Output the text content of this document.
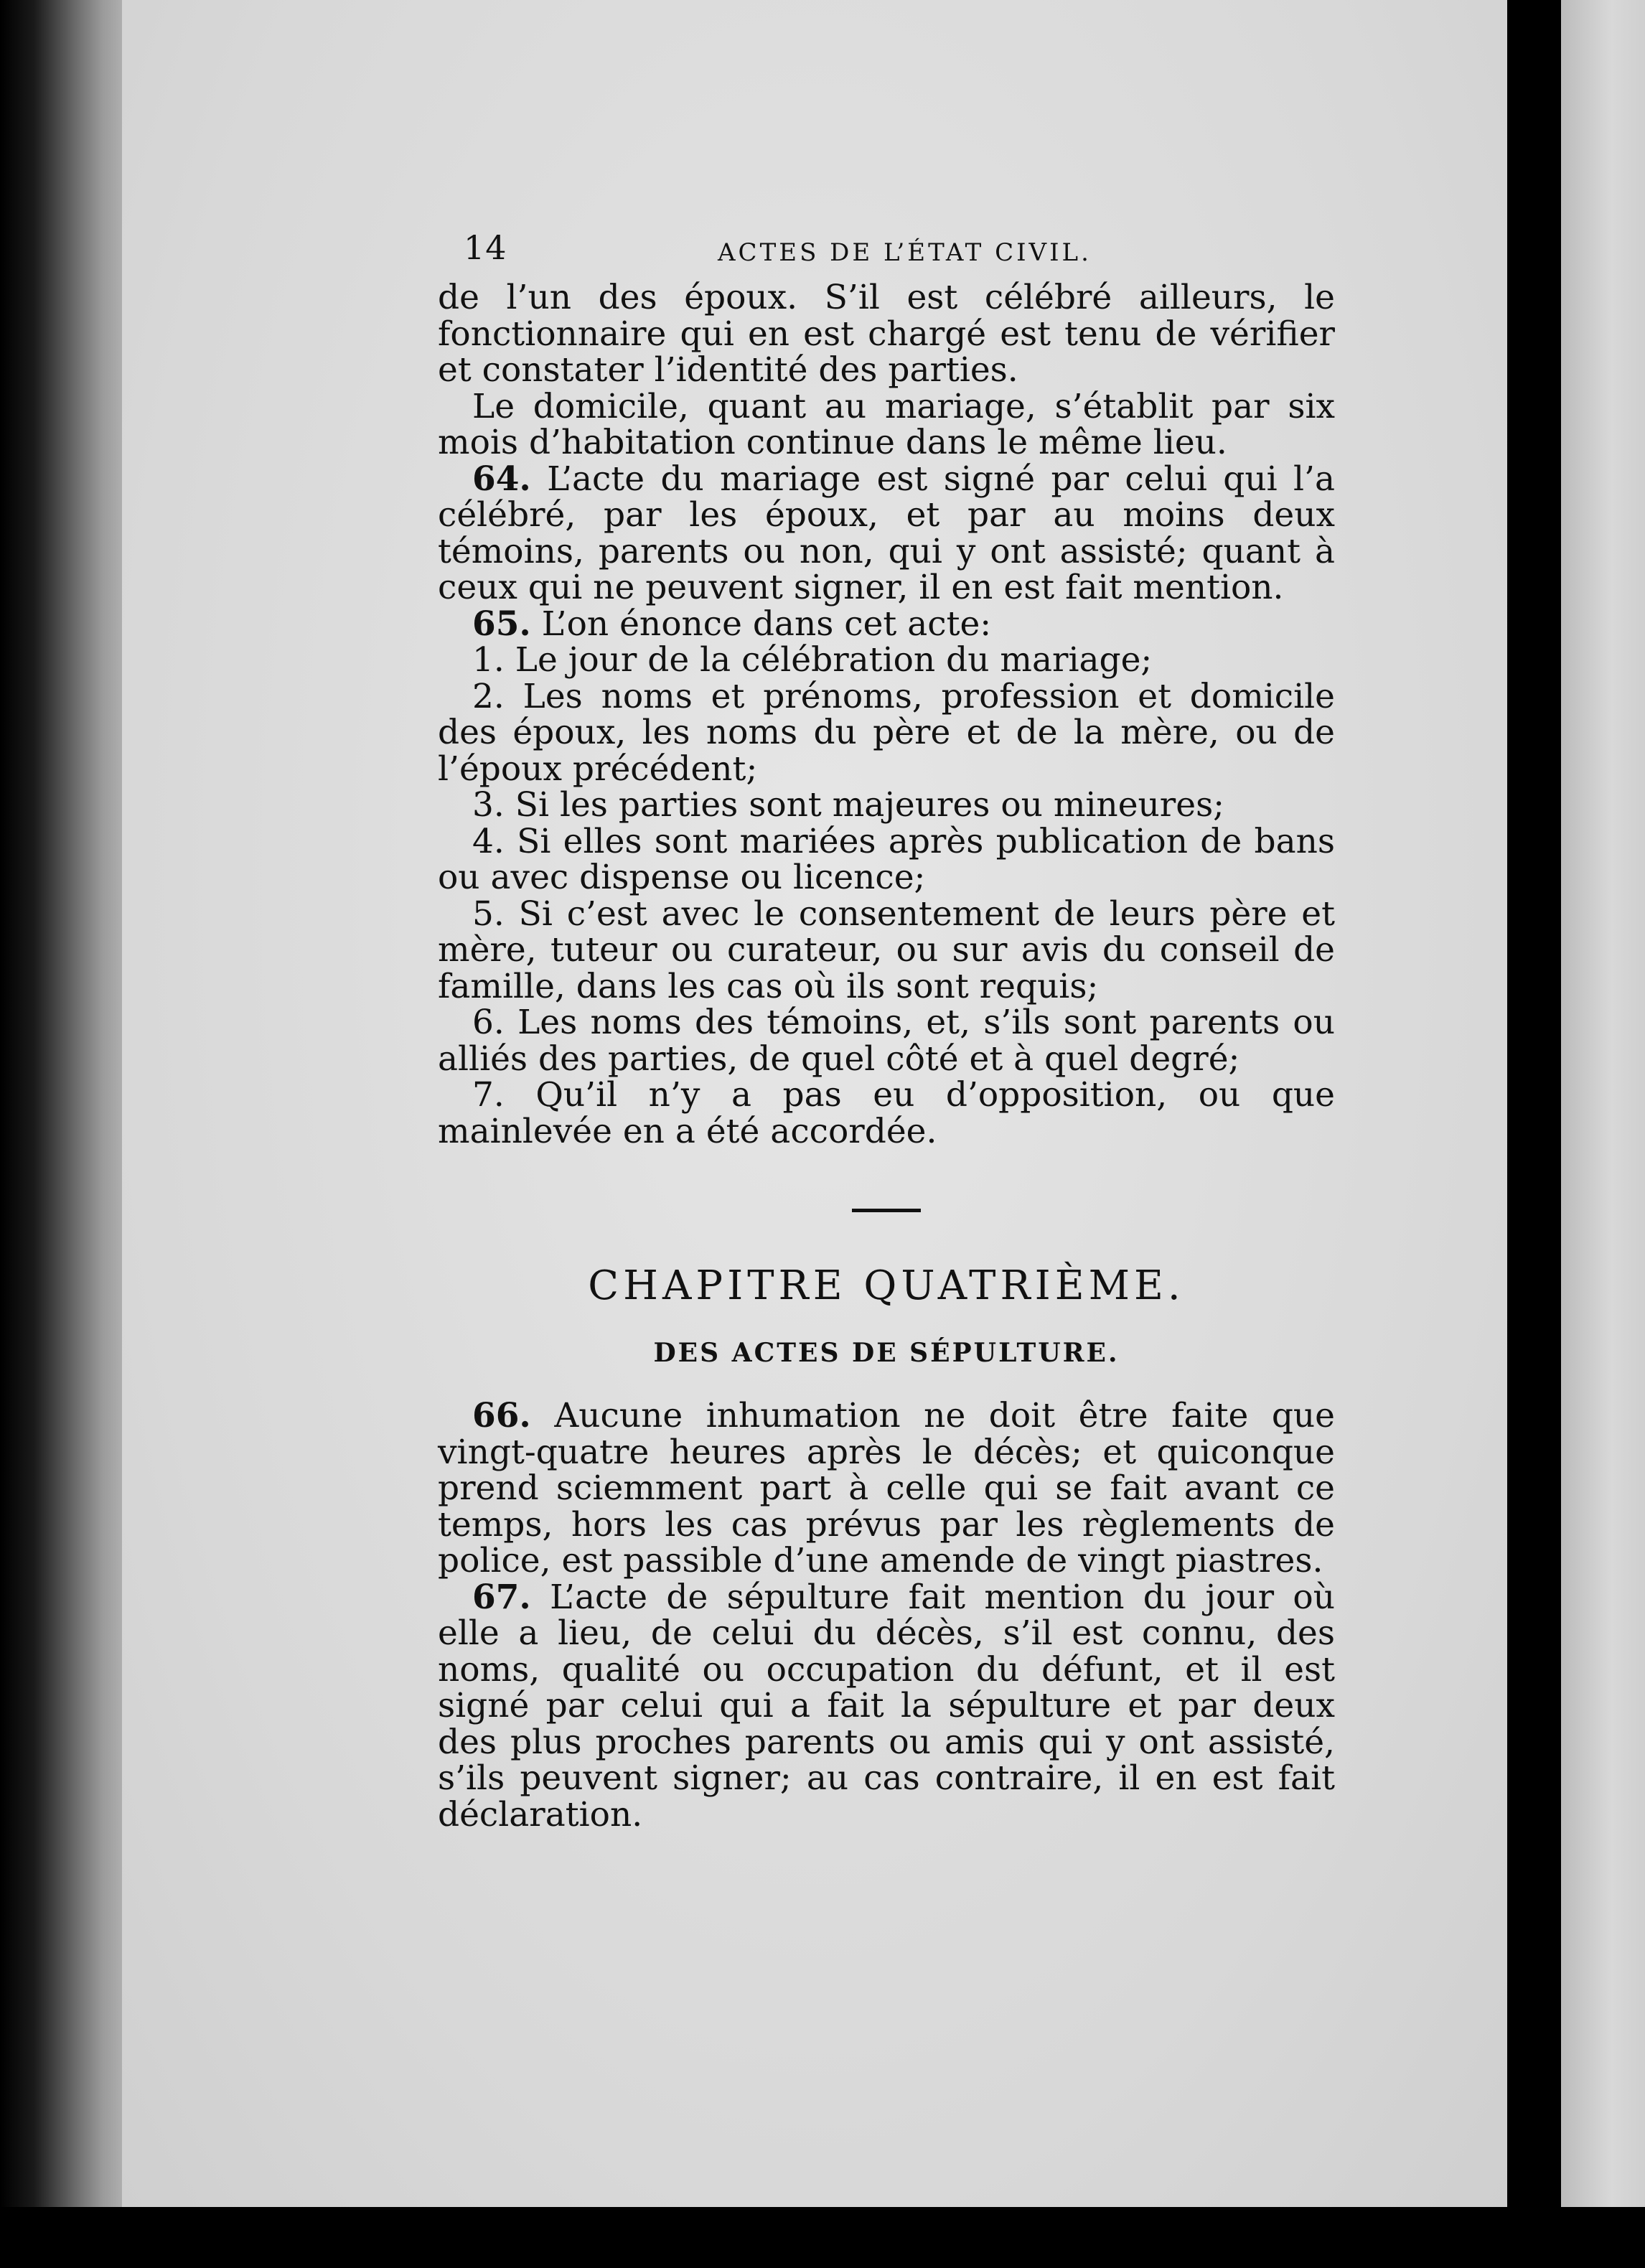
14	ACTES DE L’ÉTAT CIVIL.

de l’un des époux. S’il est célébré ailleurs, le fonctionnaire qui en est chargé est tenu de vérifier et constater l’identité des parties.

Le domicile, quant au mariage, s’établit par six mois d’habitation continue dans le même lieu.

64. L’acte du mariage est signé par celui qui l’a célébré, par les époux, et par au moins deux témoins, parents ou non, qui y ont assisté; quant à ceux qui ne peuvent signer, il en est fait mention.

65. L’on énonce dans cet acte:

1. Le jour de la célébration du mariage;

2. Les noms et prénoms, profession et domicile des époux, les noms du père et de la mère, ou de l’époux précédent;

3. Si les parties sont majeures ou mineures;

4. Si elles sont mariées après publication de bans ou avec dispense ou licence;

5. Si c’est avec le consentement de leurs père et mère, tuteur ou curateur, ou sur avis du conseil de famille, dans les cas où ils sont requis;

6. Les noms des témoins, et, s’ils sont parents ou alliés des parties, de quel côté et à quel degré;

7. Qu’il n’y a pas eu d’opposition, ou que mainlevée en a été accordée.

CHAPITRE QUATRIÈME.
DES ACTES DE SÉPULTURE.

66. Aucune inhumation ne doit être faite que vingt-quatre heures après le décès; et quiconque prend sciemment part à celle qui se fait avant ce temps, hors les cas prévus par les règlements de police, est passible d’une amende de vingt piastres.

67. L’acte de sépulture fait mention du jour où elle a lieu, de celui du décès, s’il est connu, des noms, qualité ou occupation du défunt, et il est signé par celui qui a fait la sépulture et par deux des plus proches parents ou amis qui y ont assisté, s’ils peuvent signer; au cas contraire, il en est fait déclaration.
